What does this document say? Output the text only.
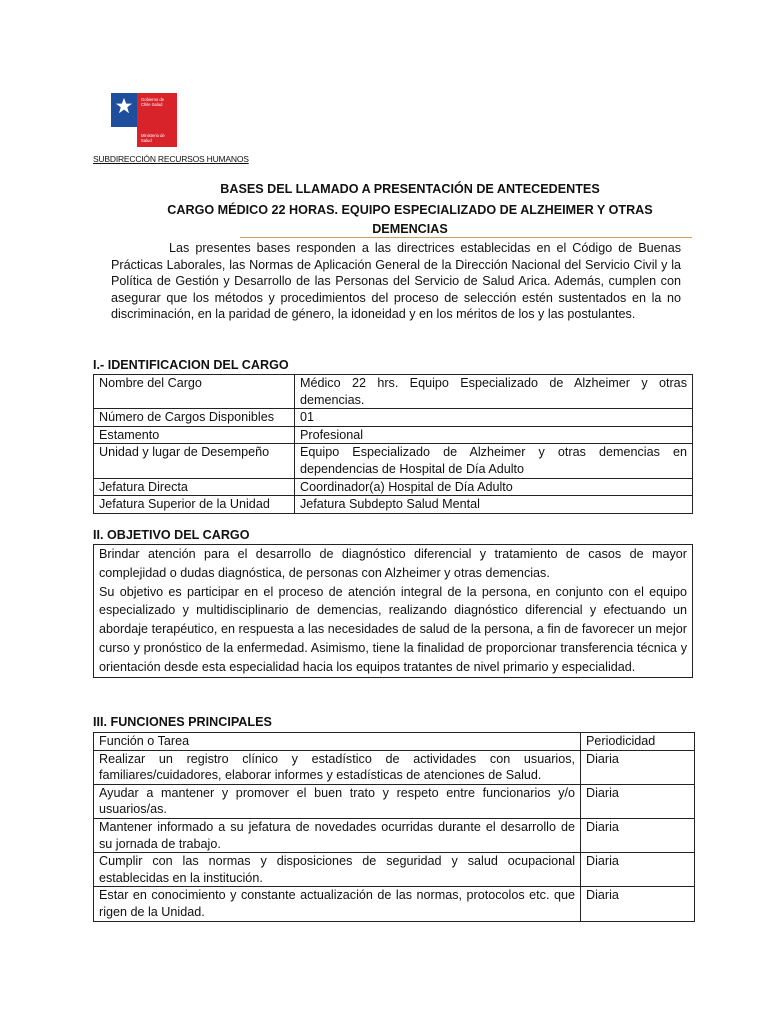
Gobierno de
Chile Salud
Ministerio de
Salud
SUBDIRECCIÓN RECURSOS HUMANOS
BASES DEL LLAMADO A PRESENTACIÓN DE ANTECEDENTES
CARGO MÉDICO 22 HORAS. EQUIPO ESPECIALIZADO DE ALZHEIMER Y OTRAS
DEMENCIAS

Las presentes bases responden a las directrices establecidas en el Código de Buenas Prácticas Laborales, las Normas de Aplicación General de la Dirección Nacional del Servicio Civil y la Política de Gestión y Desarrollo de las Personas del Servicio de Salud Arica. Además, cumplen con asegurar que los métodos y procedimientos del proceso de selección estén sustentados en la no discriminación, en la paridad de género, la idoneidad y en los méritos de los y las postulantes.

I.- IDENTIFICACION DEL CARGO
Nombre del Cargo	Médico 22 hrs. Equipo Especializado de Alzheimer y otras demencias.
Número de Cargos Disponibles	01
Estamento	Profesional
Unidad y lugar de Desempeño	Equipo Especializado de Alzheimer y otras demencias en dependencias de Hospital de Día Adulto
Jefatura Directa	Coordinador(a) Hospital de Día Adulto
Jefatura Superior de la Unidad	Jefatura Subdepto Salud Mental
II. OBJETIVO DEL CARGO

Brindar atención para el desarrollo de diagnóstico diferencial y tratamiento de casos de mayor complejidad o dudas diagnóstica, de personas con Alzheimer y otras demencias.

Su objetivo es participar en el proceso de atención integral de la persona, en conjunto con el equipo especializado y multidisciplinario de demencias, realizando diagnóstico diferencial y efectuando un abordaje terapéutico, en respuesta a las necesidades de salud de la persona, a fin de favorecer un mejor curso y pronóstico de la enfermedad. Asimismo, tiene la finalidad de proporcionar transferencia técnica y orientación desde esta especialidad hacia los equipos tratantes de nivel primario y especialidad.

III. FUNCIONES PRINCIPALES
Función o Tarea	Periodicidad
Realizar un registro clínico y estadístico de actividades con usuarios, familiares/cuidadores, elaborar informes y estadísticas de atenciones de Salud.	Diaria
Ayudar a mantener y promover el buen trato y respeto entre funcionarios y/o usuarios/as.	Diaria
Mantener informado a su jefatura de novedades ocurridas durante el desarrollo de su jornada de trabajo.	Diaria
Cumplir con las normas y disposiciones de seguridad y salud ocupacional establecidas en la institución.	Diaria
Estar en conocimiento y constante actualización de las normas, protocolos etc. que rigen de la Unidad.	Diaria
